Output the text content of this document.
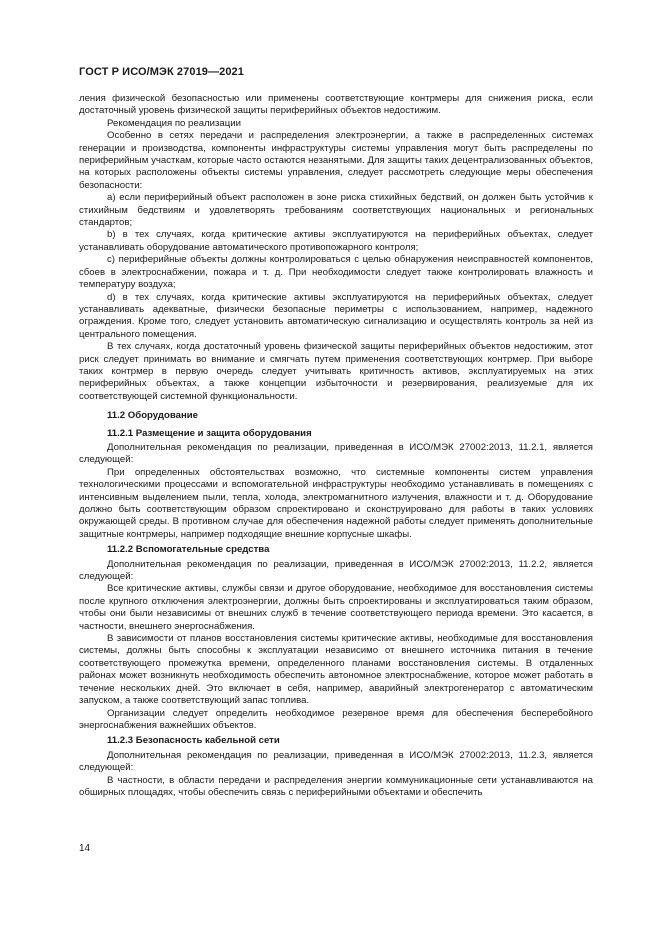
ГОСТ Р ИСО/МЭК 27019—2021

ления физической безопасностью или применены соответствующие контрмеры для снижения риска, если достаточный уровень физической защиты периферийных объектов недостижим.

Рекомендация по реализации

Особенно в сетях передачи и распределения электроэнергии, а также в распределенных системах генерации и производства, компоненты инфраструктуры системы управления могут быть распределены по периферийным участкам, которые часто остаются незанятыми. Для защиты таких децентрализованных объектов, на которых расположены объекты системы управления, следует рассмотреть следующие меры обеспечения безопасности:

a) если периферийный объект расположен в зоне риска стихийных бедствий, он должен быть устойчив к стихийным бедствиям и удовлетворять требованиям соответствующих национальных и региональных стандартов;

b) в тех случаях, когда критические активы эксплуатируются на периферийных объектах, следует устанавливать оборудование автоматического противопожарного контроля;

c) периферийные объекты должны контролироваться с целью обнаружения неисправностей компонентов, сбоев в электроснабжении, пожара и т. д. При необходимости следует также контролировать влажность и температуру воздуха;

d) в тех случаях, когда критические активы эксплуатируются на периферийных объектах, следует устанавливать адекватные, физически безопасные периметры с использованием, например, надежного ограждения. Кроме того, следует установить автоматическую сигнализацию и осуществлять контроль за ней из центрального помещения.

В тех случаях, когда достаточный уровень физической защиты периферийных объектов недостижим, этот риск следует принимать во внимание и смягчать путем применения соответствующих контрмер. При выборе таких контрмер в первую очередь следует учитывать критичность активов, эксплуатируемых на этих периферийных объектах, а также концепции избыточности и резервирования, реализуемые для их соответствующей системной функциональности.

11.2 Оборудование

11.2.1 Размещение и защита оборудования

Дополнительная рекомендация по реализации, приведенная в ИСО/МЭК 27002:2013, 11.2.1, является следующей:

При определенных обстоятельствах возможно, что системные компоненты систем управления технологическими процессами и вспомогательной инфраструктуры необходимо устанавливать в помещениях с интенсивным выделением пыли, тепла, холода, электромагнитного излучения, влажности и т. д. Оборудование должно быть соответствующим образом спроектировано и сконструировано для работы в таких условиях окружающей среды. В противном случае для обеспечения надежной работы следует применять дополнительные защитные контрмеры, например подходящие внешние корпусные шкафы.

11.2.2 Вспомогательные средства

Дополнительная рекомендация по реализации, приведенная в ИСО/МЭК 27002:2013, 11.2.2, является следующей:

Все критические активы, службы связи и другое оборудование, необходимое для восстановления системы после крупного отключения электроэнергии, должны быть спроектированы и эксплуатироваться таким образом, чтобы они были независимы от внешних служб в течение соответствующего периода времени. Это касается, в частности, внешнего энергоснабжения.

В зависимости от планов восстановления системы критические активы, необходимые для восстановления системы, должны быть способны к эксплуатации независимо от внешнего источника питания в течение соответствующего промежутка времени, определенного планами восстановления системы. В отдаленных районах может возникнуть необходимость обеспечить автономное электроснабжение, которое может работать в течение нескольких дней. Это включает в себя, например, аварийный электрогенератор с автоматическим запуском, а также соответствующий запас топлива.

Организации следует определить необходимое резервное время для обеспечения бесперебойного энергоснабжения важнейших объектов.

11.2.3 Безопасность кабельной сети

Дополнительная рекомендация по реализации, приведенная в ИСО/МЭК 27002:2013, 11.2.3, является следующей:

В частности, в области передачи и распределения энергии коммуникационные сети устанавливаются на обширных площадях, чтобы обеспечить связь с периферийными объектами и обеспечить

14
